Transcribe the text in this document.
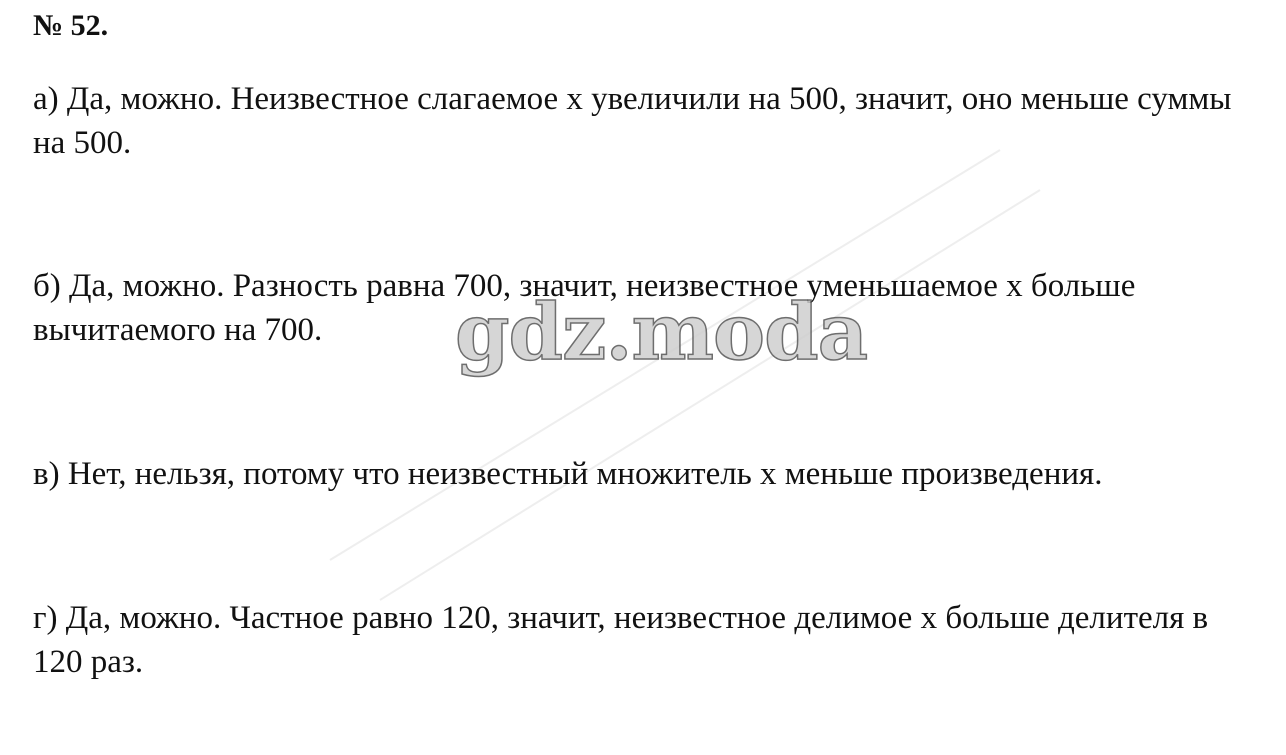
№ 52.

а) Да, можно. Неизвестное слагаемое х увеличили на 500, значит, оно меньше суммы на 500.

б) Да, можно. Разность равна 700, значит, неизвестное уменьшаемое х больше вычитаемого на 700.

в) Нет, нельзя, потому что неизвестный множитель х меньше произведения.

г) Да, можно. Частное равно 120, значит, неизвестное делимое х больше делителя в 120 раз.

gdz.moda
